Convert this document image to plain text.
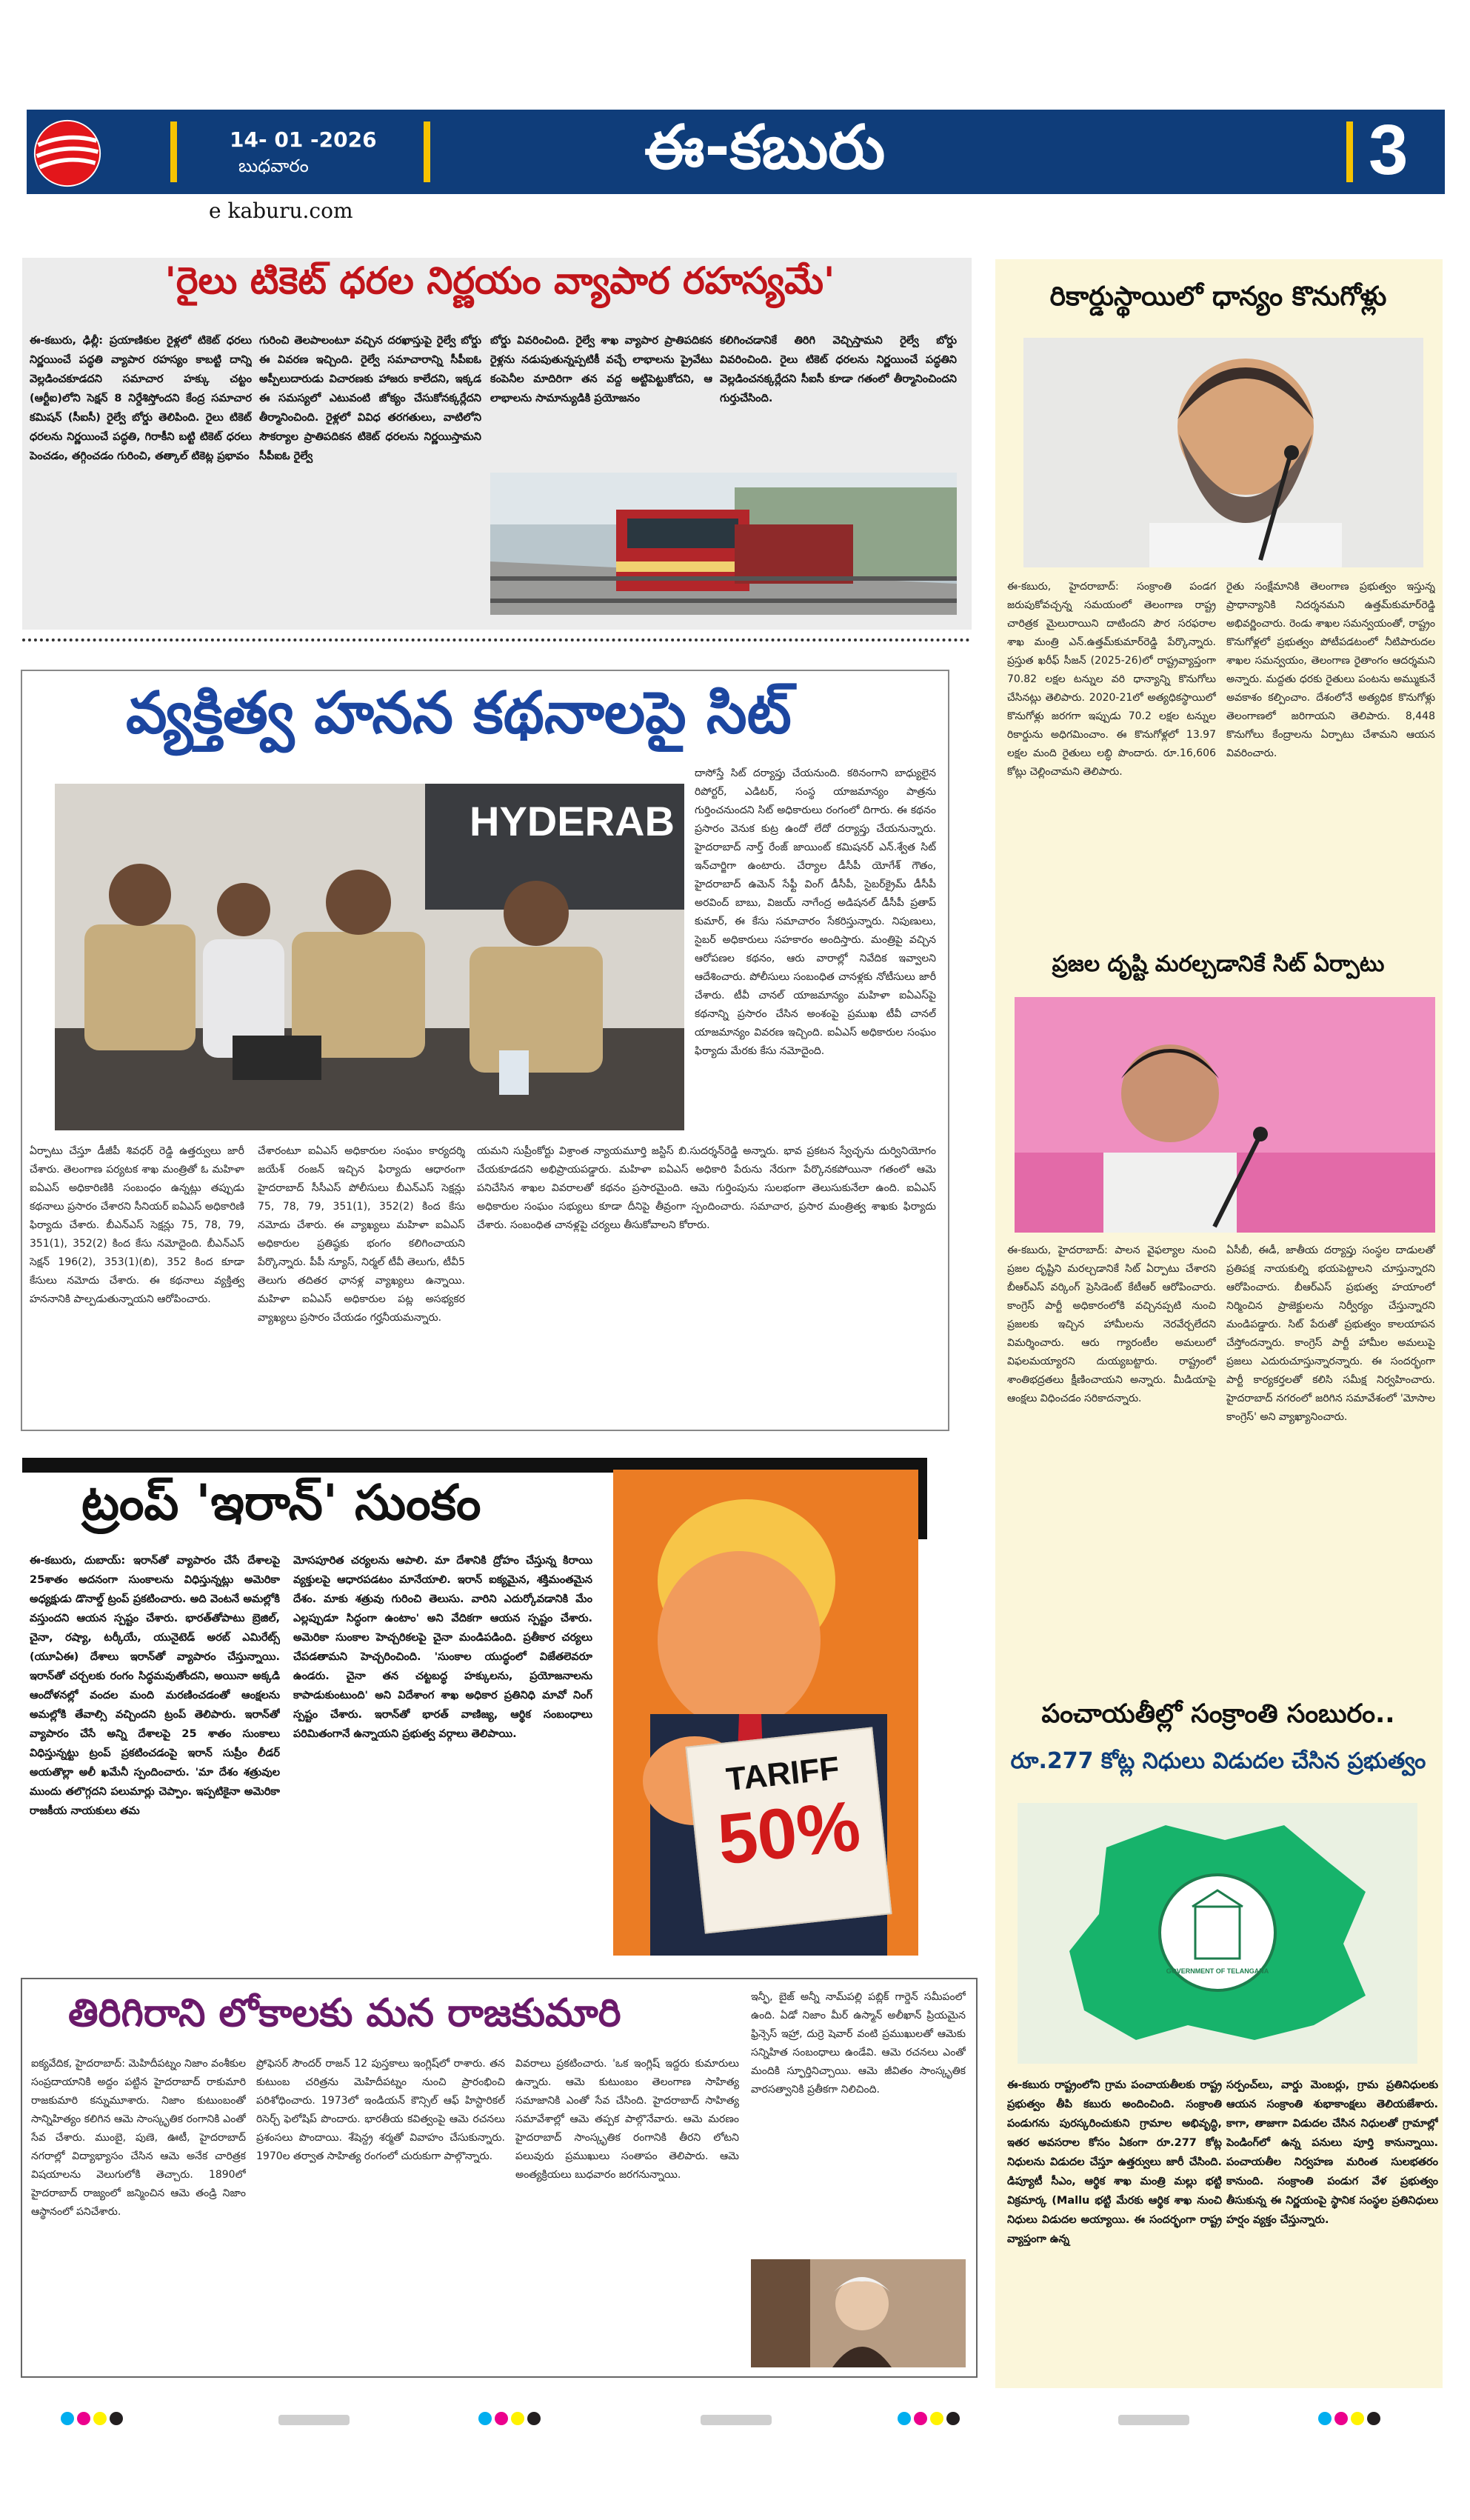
14- 01 -2026
బుధవారం
e kaburu.com
ఈ-కబురు	3
'రైలు టికెట్ ధరల నిర్ణయం వ్యాపార రహస్యమే'
ఈ-కబురు, ఢిల్లీ: ప్రయాణికుల రైళ్లలో టికెట్ ధరలు నిర్ణయించే పద్ధతి వ్యాపార రహస్యం కాబట్టి దాన్ని వెల్లడించకూడదని సమాచార హక్కు చట్టం (ఆర్టీఐ)లోని సెక్షన్ 8 నిర్దేశిస్తోందని కేంద్ర సమాచార కమిషన్ (సీఐసీ) రైల్వే బోర్డు తెలిపింది. రైలు టికెట్ ధరలను నిర్ణయించే పద్ధతి, గిరాకీని బట్టి టికెట్ ధరలు పెంచడం, తగ్గించడం గురించి, తత్కాల్ టికెట్ల ప్రభావం
గురించి తెలపాలంటూ వచ్చిన దరఖాస్తుపై రైల్వే బోర్డు ఈ వివరణ ఇచ్చింది. రైల్వే సమాచారాన్ని సీపీఐఓ అప్పీలుదారుడు విచారణకు హాజరు కాలేదని, ఇక్కడ ఈ సమస్యలో ఎటువంటి జోక్యం చేసుకోనక్కర్లేదని తీర్మానించింది. రైళ్లలో వివిధ తరగతులు, వాటిలోని సౌకర్యాల ప్రాతిపదికన టికెట్ ధరలను నిర్ణయిస్తామని సీపీఐఓ రైల్వే
బోర్డు వివరించింది. రైల్వే శాఖ వ్యాపార ప్రాతిపదికన రైళ్లను నడుపుతున్నప్పటికీ వచ్చే లాభాలను ప్రైవేటు కంపెనీల మాదిరిగా తన వద్ద అట్టిపెట్టుకోదని, ఆ లాభాలను సామాన్యుడికి ప్రయోజనం
కలిగించడానికే తిరిగి వెచ్చిస్తామని రైల్వే బోర్డు వివరించింది. రైలు టికెట్ ధరలను నిర్ణయించే పద్ధతిని వెల్లడించనక్కర్లేదని సీఐసీ కూడా గతంలో తీర్మానించిందని గుర్తుచేసింది.
వ్యక్తిత్వ హనన కథనాలపై సిట్
HYDERAB
దాసోస్తే సిట్ దర్యాప్తు చేయనుంది. కఠినంగాని బాధ్యులైన రిపోర్టర్, ఎడిటర్, సంస్థ యాజమాన్యం పాత్రను గుర్తించనుందని సిట్ అధికారులు రంగంలో దిగారు. ఈ కథనం ప్రసారం వెనుక కుట్ర ఉందో లేదో దర్యాప్తు చేయనున్నారు. హైదరాబాద్ నార్త్ రేంజ్ జాయింట్ కమిషనర్ ఎన్.శ్వేత సిట్ ఇన్‌చార్జిగా ఉంటారు. చేర్యాల డీసీపీ యోగేశ్ గౌతం, హైదరాబాద్ ఉమెన్ సేఫ్టీ వింగ్ డీసీపీ, సైబర్‌క్రైమ్ డీసీపీ అరవింద్ బాబు, విజయ్ నాగేంద్ర అడిషనల్ డీసీపీ ప్రతాప్ కుమార్, ఈ కేసు సమాచారం సేకరిస్తున్నారు. నిపుణులు, సైబర్ అధికారులు సహకారం అందిస్తారు. మంత్రిపై వచ్చిన ఆరోపణల కథనం, ఆరు వారాల్లో నివేదిక ఇవ్వాలని ఆదేశించారు. పోలీసులు సంబంధిత చానళ్లకు నోటీసులు జారీ చేశారు. టీవీ చానల్ యాజమాన్యం మహిళా ఐఏఎస్‌పై కథనాన్ని ప్రసారం చేసిన అంశంపై ప్రముఖ టీవీ చానల్ యాజమాన్యం వివరణ ఇచ్చింది. ఐఏఎస్ అధికారుల సంఘం ఫిర్యాదు మేరకు కేసు నమోదైంది.
ఏర్పాటు చేస్తూ డీజీపీ శివధర్ రెడ్డి ఉత్తర్వులు జారీ చేశారు. తెలంగాణ పర్యటక శాఖ మంత్రితో ఓ మహిళా ఐఏఎస్ అధికారిణికి సంబంధం ఉన్నట్లు తప్పుడు కథనాలు ప్రసారం చేశారని సీనియర్ ఐఏఎస్ అధికారిణి ఫిర్యాదు చేశారు. బీఎన్ఎస్ సెక్షన్లు 75, 78, 79, 351(1), 352(2) కింద కేసు నమోదైంది. బీఎన్ఎస్ సెక్షన్ 196(2), 353(1)(బి), 352 కింద కూడా కేసులు నమోదు చేశారు. ఈ కథనాలు వ్యక్తిత్వ హననానికి పాల్పడుతున్నాయని ఆరోపించారు.
చేశారంటూ ఐఏఎస్ అధికారుల సంఘం కార్యదర్శి జయేశ్ రంజన్ ఇచ్చిన ఫిర్యాదు ఆధారంగా హైదరాబాద్ సీసీఎస్ పోలీసులు బీఎన్ఎస్ సెక్షన్లు 75, 78, 79, 351(1), 352(2) కింద కేసు నమోదు చేశారు. ఈ వ్యాఖ్యలు మహిళా ఐఏఎస్ అధికారుల ప్రతిష్ఠకు భంగం కలిగించాయని పేర్కొన్నారు. పీపీ న్యూస్, నిర్మల్ టీవీ తెలుగు, టీవీ5 తెలుగు తదితర ఛానళ్ల వ్యాఖ్యలు ఉన్నాయి. మహిళా ఐఏఎస్ అధికారుల పట్ల అసభ్యకర వ్యాఖ్యలు ప్రసారం చేయడం గర్హనీయమన్నారు.
యమని సుప్రీంకోర్టు విశ్రాంత న్యాయమూర్తి జస్టిస్ బి.సుదర్శన్‌రెడ్డి అన్నారు. భావ ప్రకటన స్వేచ్ఛను దుర్వినియోగం చేయకూడదని అభిప్రాయపడ్డారు. మహిళా ఐఏఎస్ అధికారి పేరును నేరుగా పేర్కొనకపోయినా గతంలో ఆమె పనిచేసిన శాఖల వివరాలతో కథనం ప్రసారమైంది. ఆమె గుర్తింపును సులభంగా తెలుసుకునేలా ఉంది. ఐఏఎస్ అధికారుల సంఘం సభ్యులు కూడా దీనిపై తీవ్రంగా స్పందించారు. సమాచార, ప్రసార మంత్రిత్వ శాఖకు ఫిర్యాదు చేశారు. సంబంధిత చానళ్లపై చర్యలు తీసుకోవాలని కోరారు.
ట్రంప్ 'ఇరాన్' సుంకం
ఈ-కబురు, దుబాయ్: ఇరాన్‌తో వ్యాపారం చేసే దేశాలపై 25శాతం అదనంగా సుంకాలను విధిస్తున్నట్లు అమెరికా అధ్యక్షుడు డొనాల్డ్ ట్రంప్ ప్రకటించారు. అది వెంటనే అమల్లోకి వస్తుందని ఆయన స్పష్టం చేశారు. భారత్‌తోపాటు బ్రెజిల్, చైనా, రష్యా, టర్కీయే, యునైటెడ్ అరబ్ ఎమిరేట్స్ (యూఏఈ) దేశాలు ఇరాన్‌తో వ్యాపారం చేస్తున్నాయి. ఇరాన్‌తో చర్చలకు రంగం సిద్ధమవుతోందని, అయినా అక్కడి ఆందోళనల్లో వందల మంది మరణించడంతో ఆంక్షలను అమల్లోకి తేవాల్సి వచ్చిందని ట్రంప్ తెలిపారు. ఇరాన్‌తో వ్యాపారం చేసే అన్ని దేశాలపై 25 శాతం సుంకాలు విధిస్తున్నట్టు ట్రంప్ ప్రకటించడంపై ఇరాన్ సుప్రీం లీడర్ అయతొల్లా అలీ ఖమేనీ స్పందించారు. 'మా దేశం శత్రువుల ముందు తలొగ్గదని పలుమార్లు చెప్పాం. ఇప్పటికైనా అమెరికా రాజకీయ నాయకులు తమ
మోసపూరిత చర్యలను ఆపాలి. మా దేశానికి ద్రోహం చేస్తున్న కిరాయి వ్యక్తులపై ఆధారపడటం మానేయాలి. ఇరాన్ ఐక్యమైన, శక్తిమంతమైన దేశం. మాకు శత్రువు గురించి తెలుసు. వారిని ఎదుర్కోవడానికి మేం ఎల్లప్పుడూ సిద్ధంగా ఉంటాం' అని వేదికగా ఆయన స్పష్టం చేశారు. అమెరికా సుంకాల హెచ్చరికలపై చైనా మండిపడింది. ప్రతీకార చర్యలు చేపడతామని హెచ్చరించింది. 'సుంకాల యుద్ధంలో విజేతలెవరూ ఉండరు. చైనా తన చట్టబద్ధ హక్కులను, ప్రయోజనాలను కాపాడుకుంటుంది' అని విదేశాంగ శాఖ అధికార ప్రతినిధి మావో నింగ్ స్పష్టం చేశారు. ఇరాన్‌తో భారత్ వాణిజ్య, ఆర్థిక సంబంధాలు పరిమితంగానే ఉన్నాయని ప్రభుత్వ వర్గాలు తెలిపాయి.
TARIFF
50%
తిరిగిరాని లోకాలకు మన రాజకుమారి
ఐక్యవేదిక, హైదరాబాద్: మెహిదీపట్నం నిజాం వంశీకుల సంప్రదాయానికి అద్దం పట్టిన హైదరాబాద్ రాకుమారి రాజకుమారి కన్నుమూశారు. నిజాం కుటుంబంతో సాన్నిహిత్యం కలిగిన ఆమె సాంస్కృతిక రంగానికి ఎంతో సేవ చేశారు. ముంబై, పుణె, ఊటీ, హైదరాబాద్ నగరాల్లో విద్యాభ్యాసం చేసిన ఆమె అనేక చారిత్రక విషయాలను వెలుగులోకి తెచ్చారు. 1890లో హైదరాబాద్ రాజ్యంలో జన్మించిన ఆమె తండ్రి నిజాం ఆస్థానంలో పనిచేశారు.
ప్రోఫెసర్ సౌందర్ రాజన్ 12 పుస్తకాలు ఇంగ్లిష్‌లో రాశారు. తన కుటుంబ చరిత్రను మెహిదీపట్నం నుంచి ప్రారంభించి పరిశోధించారు. 1973లో ఇండియన్ కౌన్సిల్ ఆఫ్ హిస్టారికల్ రిసెర్చ్ ఫెలోషిప్ పొందారు. భారతీయ కవిత్వంపై ఆమె రచనలు ప్రశంసలు పొందాయి. శేషెన్ద్ర శర్మతో వివాహం చేసుకున్నారు. 1970ల తర్వాత సాహిత్య రంగంలో చురుకుగా పాల్గొన్నారు.
వివరాలు ప్రకటించారు. 'ఒక ఇంగ్లిష్ ఇద్దరు కుమారులు ఉన్నారు. ఆమె కుటుంబం తెలంగాణ సాహిత్య సమాజానికి ఎంతో సేవ చేసింది. హైదరాబాద్ సాహిత్య సమావేశాల్లో ఆమె తప్పక పాల్గొనేవారు. ఆమె మరణం హైదరాబాద్ సాంస్కృతిక రంగానికి తీరని లోటని పలువురు ప్రముఖులు సంతాపం తెలిపారు. ఆమె అంత్యక్రియలు బుధవారం జరగనున్నాయి.
ఇన్ఫీ, బైజ్ అన్నీ నామ్‌పల్లి పబ్లిక్ గార్డెన్ సమీపంలో ఉంది. ఏడో నిజాం మీర్ ఉస్మాన్ అలీఖాన్ ప్రియమైన ఫ్రిన్సెస్ ఇహ్రా, దుర్రె షెవార్ వంటి ప్రముఖులతో ఆమెకు సన్నిహిత సంబంధాలు ఉండేవి. ఆమె రచనలు ఎంతో మందికి స్ఫూర్తినిచ్చాయి. ఆమె జీవితం సాంస్కృతిక వారసత్వానికి ప్రతీకగా నిలిచింది.
రికార్డుస్థాయిలో ధాన్యం కొనుగోళ్లు
ఈ-కబురు, హైదరాబాద్: సంక్రాంతి పండగ జరుపుకోవచ్చన్న సమయంలో తెలంగాణ రాష్ట్ర చారిత్రక మైలురాయిని దాటిందని పౌర సరఫరాల శాఖ మంత్రి ఎన్.ఉత్తమ్‌కుమార్‌రెడ్డి పేర్కొన్నారు. ప్రస్తుత ఖరీఫ్ సీజన్ (2025-26)లో రాష్ట్రవ్యాప్తంగా 70.82 లక్షల టన్నుల వరి ధాన్యాన్ని కొనుగోలు చేసినట్లు తెలిపారు. 2020-21లో అత్యధికస్థాయిలో కొనుగోళ్లు జరగగా ఇప్పుడు 70.2 లక్షల టన్నుల రికార్డును అధిగమించాం. ఈ కొనుగోళ్లలో 13.97 లక్షల మంది రైతులు లబ్ధి పొందారు. రూ.16,606 కోట్లు చెల్లించామని తెలిపారు.
రైతు సంక్షేమానికి తెలంగాణ ప్రభుత్వం ఇస్తున్న ప్రాధాన్యానికి నిదర్శనమని ఉత్తమ్‌కుమార్‌రెడ్డి అభివర్ణించారు. రెండు శాఖల సమన్వయంతో, రాష్ట్రం కొనుగోళ్లలో ప్రభుత్వం పోటీపడటంలో నీటిపారుదల శాఖల సమన్వయం, తెలంగాణ రైతాంగం ఆదర్శమని అన్నారు. మద్దతు ధరకు రైతులు పంటను అమ్ముకునే అవకాశం కల్పించాం. దేశంలోనే అత్యధిక కొనుగోళ్లు తెలంగాణలో జరిగాయని తెలిపారు. 8,448 కొనుగోలు కేంద్రాలను ఏర్పాటు చేశామని ఆయన వివరించారు.
ప్రజల దృష్టి మరల్చడానికే సిట్ ఏర్పాటు
ఈ-కబురు, హైదరాబాద్: పాలన వైఫల్యాల నుంచి ప్రజల దృష్టిని మరల్చడానికే సిట్ ఏర్పాటు చేశారని బీఆర్ఎస్ వర్కింగ్ ప్రెసిడెంట్ కేటీఆర్ ఆరోపించారు. కాంగ్రెస్ పార్టీ అధికారంలోకి వచ్చినప్పటి నుంచి ప్రజలకు ఇచ్చిన హామీలను నెరవేర్చలేదని విమర్శించారు. ఆరు గ్యారంటీల అమలులో విఫలమయ్యారని దుయ్యబట్టారు. రాష్ట్రంలో శాంతిభద్రతలు క్షీణించాయని అన్నారు. మీడియాపై ఆంక్షలు విధించడం సరికాదన్నారు.
ఏసీబీ, ఈడీ, జాతీయ దర్యాప్తు సంస్థల దాడులతో ప్రతిపక్ష నాయకుల్ని భయపెట్టాలని చూస్తున్నారని ఆరోపించారు. బీఆర్ఎస్ ప్రభుత్వ హయాంలో నిర్మించిన ప్రాజెక్టులను నిర్వీర్యం చేస్తున్నారని మండిపడ్డారు. సిట్ పేరుతో ప్రభుత్వం కాలయాపన చేస్తోందన్నారు. కాంగ్రెస్ పార్టీ హామీల అమలుపై ప్రజలు ఎదురుచూస్తున్నారన్నారు. ఈ సందర్భంగా పార్టీ కార్యకర్తలతో కలిసి సమీక్ష నిర్వహించారు. హైదరాబాద్ నగరంలో జరిగిన సమావేశంలో 'మోసాల కాంగ్రెస్' అని వ్యాఖ్యానించారు.
పంచాయతీల్లో సంక్రాంతి సంబురం..
రూ.277 కోట్ల నిధులు విడుదల చేసిన ప్రభుత్వం
GOVERNMENT OF TELANGANA
ఈ-కబురు రాష్ట్రంలోని గ్రామ పంచాయతీలకు రాష్ట్ర ప్రభుత్వం తీపి కబురు అందించింది. సంక్రాంతి పండుగను పురస్కరించుకుని గ్రామాల అభివృద్ధి, ఇతర అవసరాల కోసం ఏకంగా రూ.277 కోట్ల నిధులను విడుదల చేస్తూ ఉత్తర్వులు జారీ చేసింది. డిప్యూటీ సీఎం, ఆర్థిక శాఖ మంత్రి మల్లు భట్టి విక్రమార్క (Mallu భట్టి మేరకు ఆర్థిక శాఖ నుంచి నిధులు విడుదల అయ్యాయి. ఈ సందర్భంగా రాష్ట్ర వ్యాప్తంగా ఉన్న
సర్పంచ్‌లు, వార్డు మెంబర్లు, గ్రామ ప్రతినిధులకు ఆయన సంక్రాంతి శుభాకాంక్షలు తెలియజేశారు. కాగా, తాజాగా విడుదల చేసిన నిధులతో గ్రామాల్లో పెండింగ్‌లో ఉన్న పనులు పూర్తి కానున్నాయి. పంచాయతీల నిర్వహణ మరింత సులభతరం కానుంది. సంక్రాంతి పండుగ వేళ ప్రభుత్వం తీసుకున్న ఈ నిర్ణయంపై స్థానిక సంస్థల ప్రతినిధులు హర్షం వ్యక్తం చేస్తున్నారు.
